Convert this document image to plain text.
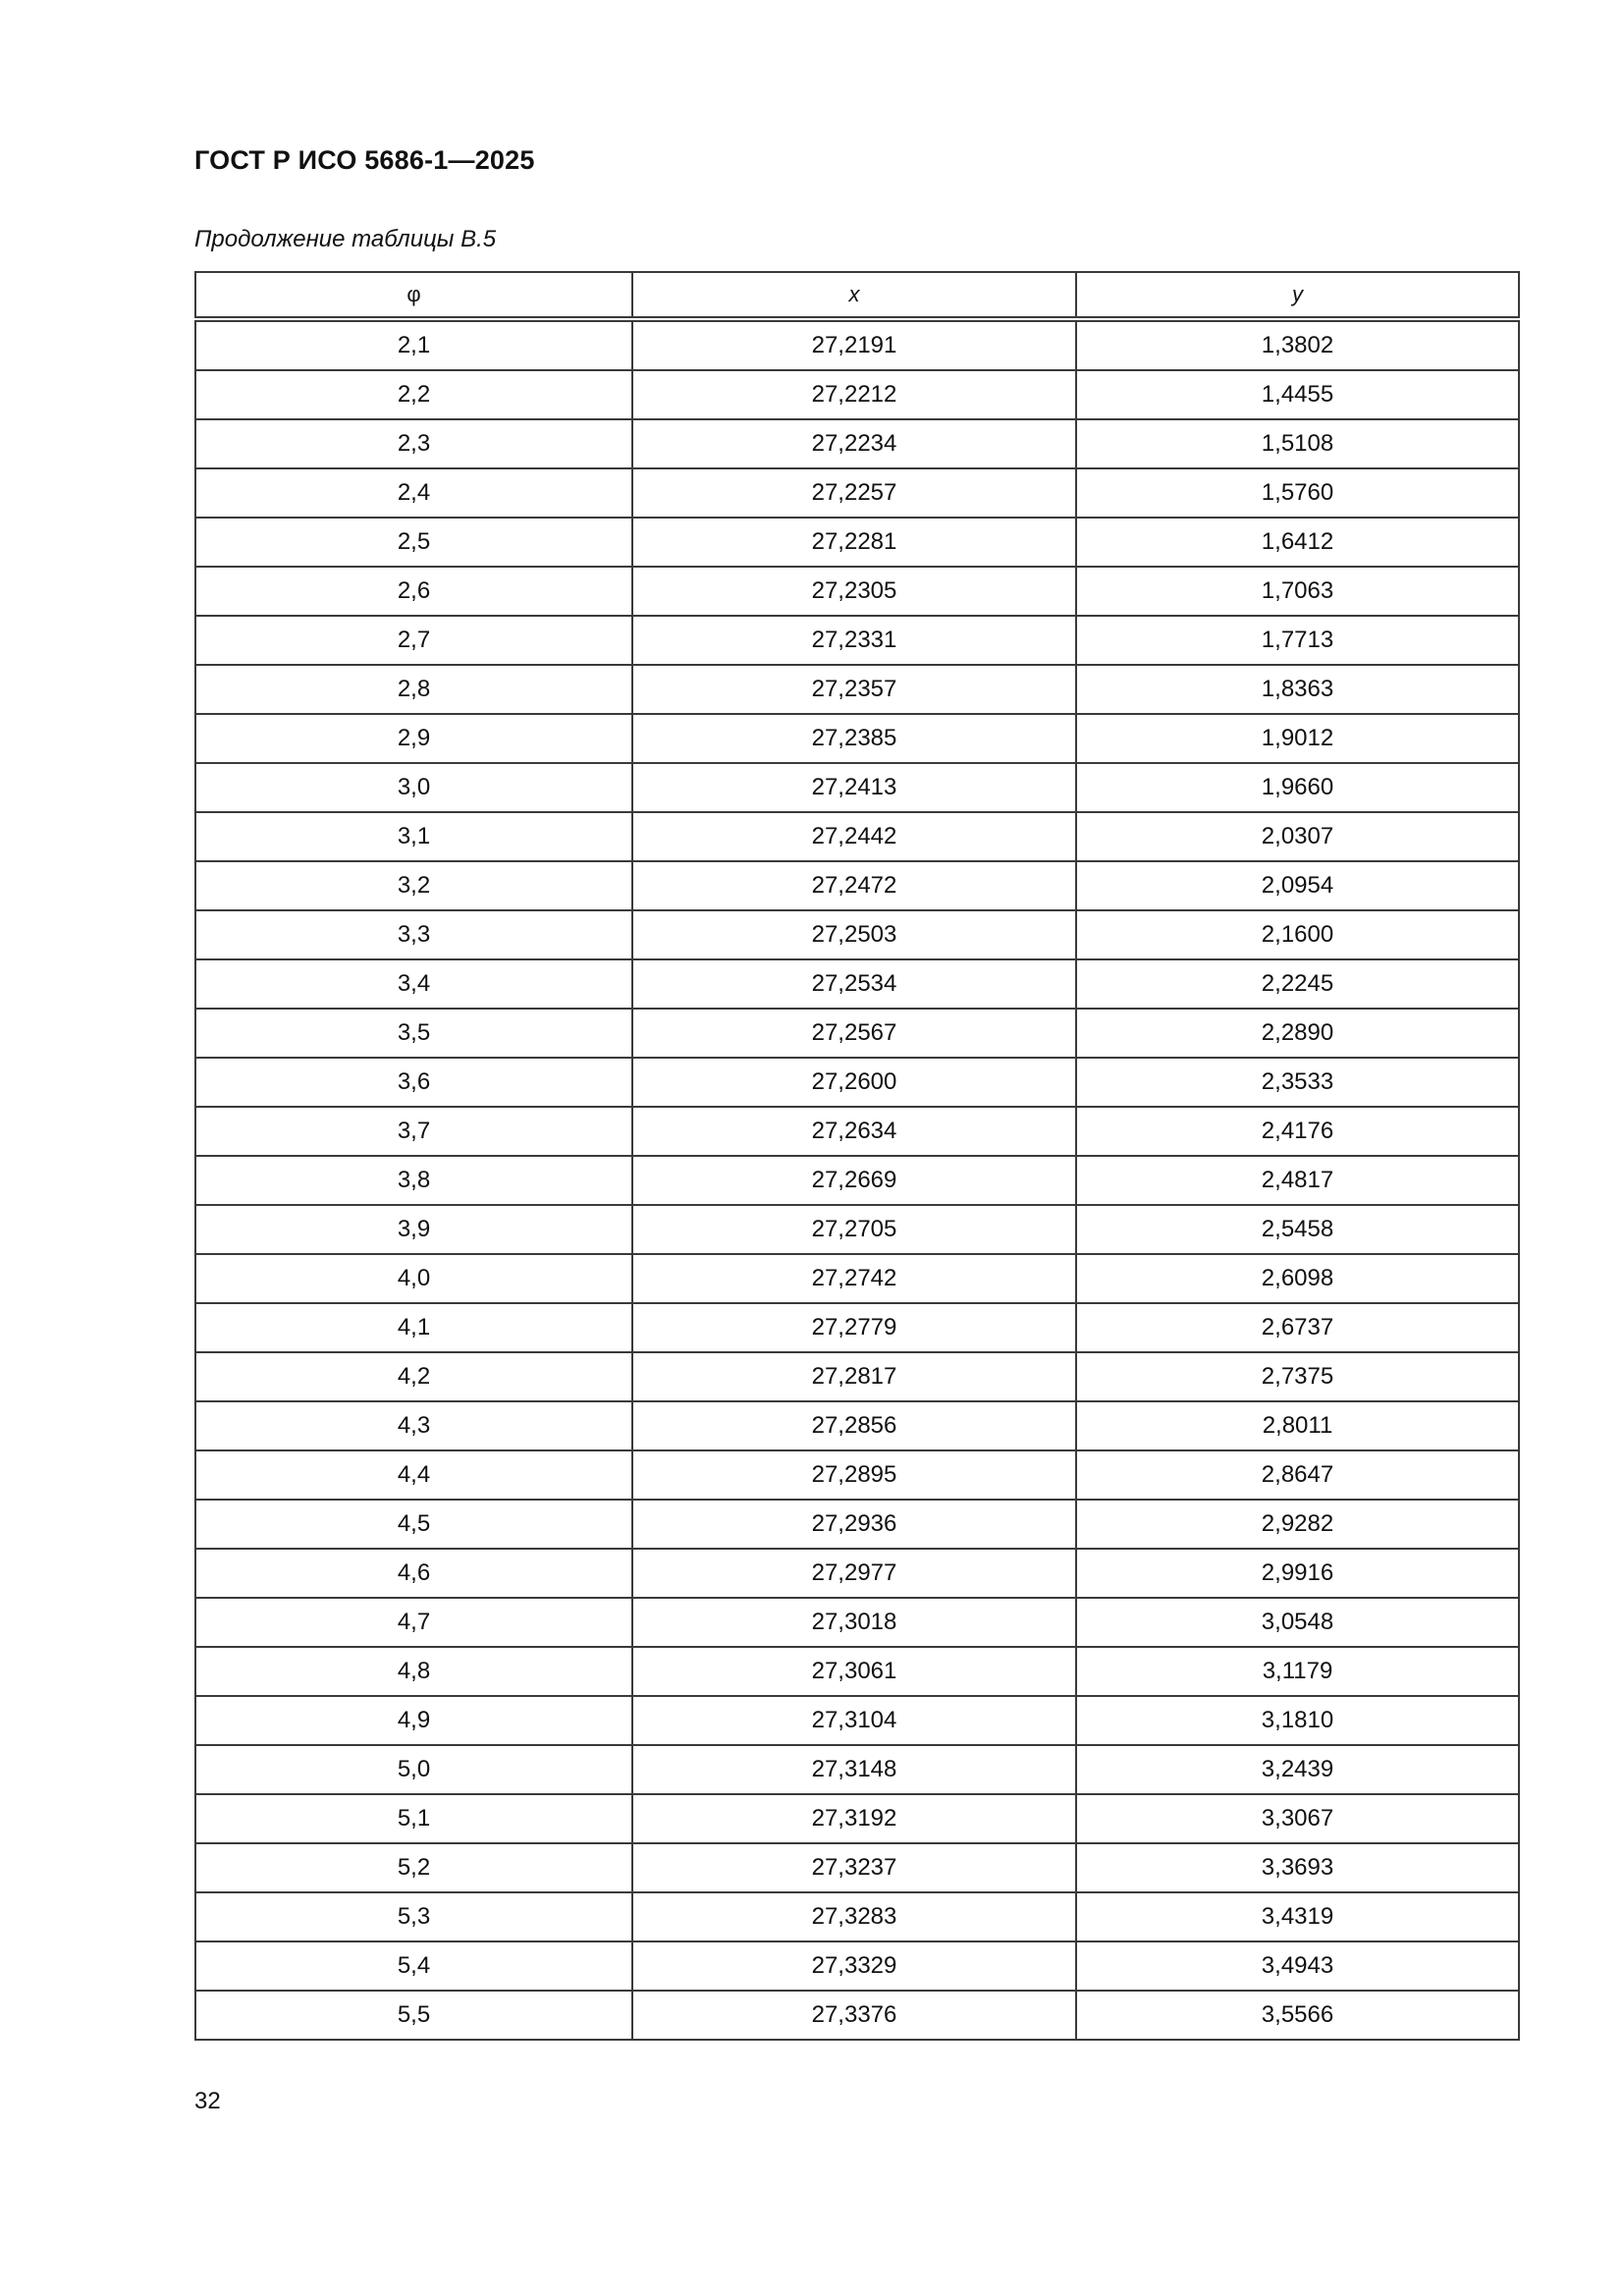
ГОСТ Р ИСО 5686-1—2025
Продолжение таблицы В.5
φ	x	y
2,1	27,2191	1,3802
2,2	27,2212	1,4455
2,3	27,2234	1,5108
2,4	27,2257	1,5760
2,5	27,2281	1,6412
2,6	27,2305	1,7063
2,7	27,2331	1,7713
2,8	27,2357	1,8363
2,9	27,2385	1,9012
3,0	27,2413	1,9660
3,1	27,2442	2,0307
3,2	27,2472	2,0954
3,3	27,2503	2,1600
3,4	27,2534	2,2245
3,5	27,2567	2,2890
3,6	27,2600	2,3533
3,7	27,2634	2,4176
3,8	27,2669	2,4817
3,9	27,2705	2,5458
4,0	27,2742	2,6098
4,1	27,2779	2,6737
4,2	27,2817	2,7375
4,3	27,2856	2,8011
4,4	27,2895	2,8647
4,5	27,2936	2,9282
4,6	27,2977	2,9916
4,7	27,3018	3,0548
4,8	27,3061	3,1179
4,9	27,3104	3,1810
5,0	27,3148	3,2439
5,1	27,3192	3,3067
5,2	27,3237	3,3693
5,3	27,3283	3,4319
5,4	27,3329	3,4943
5,5	27,3376	3,5566
32
